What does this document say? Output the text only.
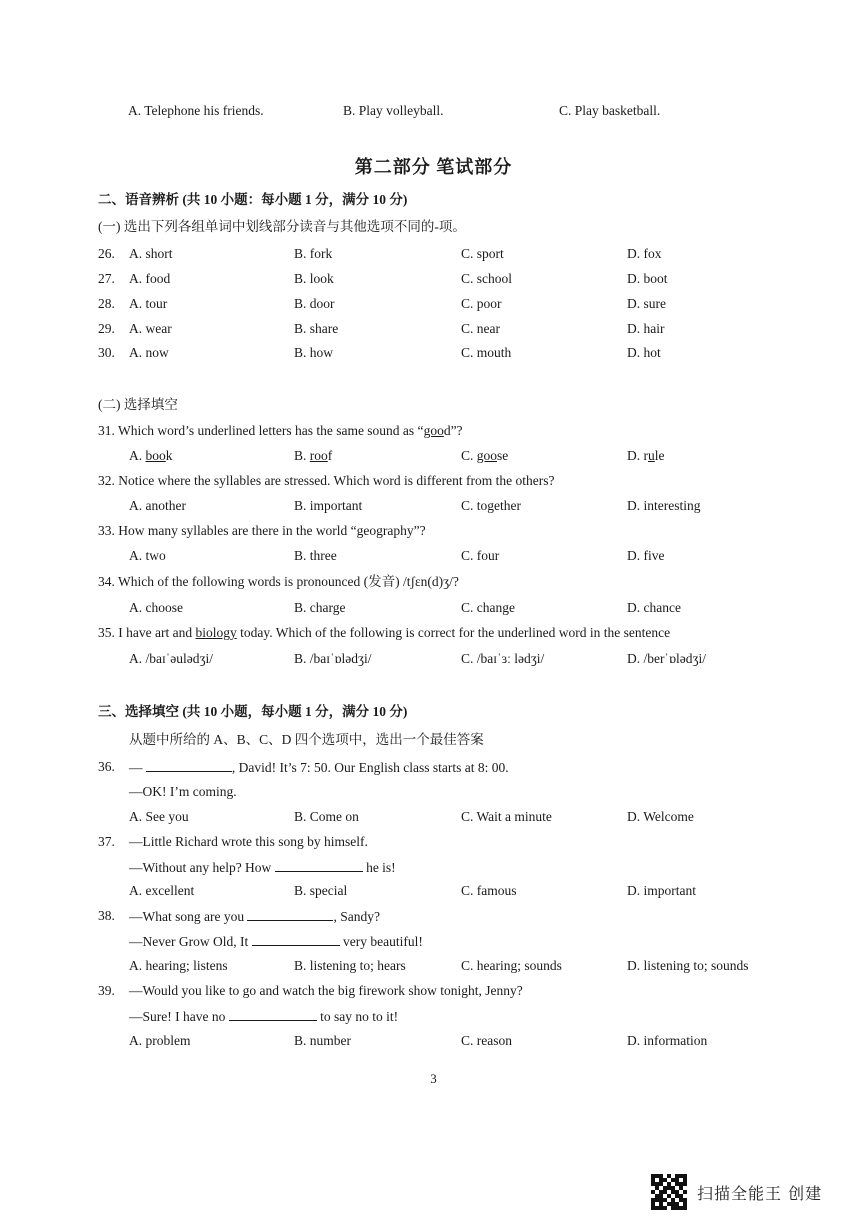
A. Telephone his friends.	B. Play volleyball.	C. Play basketball.
第二部分 笔试部分
二、语音辨析 (共 10 小题：每小题 1 分，满分 10 分)
(一) 选出下列各组单词中划线部分读音与其他选项不同的-项。
26. A. short	B. fork	C. sport	D. fox
27. A. food	B. look	C. school	D. boot
28. A. tour	B. door	C. poor	D. sure
29. A. wear	B. share	C. near	D. hair
30. A. now	B. how	C. mouth	D. hot
(二) 选择填空
31. Which word’s underlined letters has the same sound as “good”?
A. book	B. roof	C. goose	D. rule
32. Notice where the syllables are stressed. Which word is different from the others?
A. another	B. important	C. together	D. interesting
33. How many syllables are there in the world “geography”?
A. two	B. three	C. four	D. five
34. Which of the following words is pronounced (发音) /tʃɛn(d)ʒ/?
A. choose	B. charge	C. change	D. chance
35. I have art and biology today. Which of the following is correct for the underlined word in the sentence
A. /baɪˈəulədʒi/	B. /baɪˈɒlədʒi/	C. /baɪˈɜː lədʒi/	D. /berˈɒlədʒi/
三、选择填空 (共 10 小题，每小题 1 分，满分 10 分)
从题中所给的 A、B、C、D 四个选项中，选出一个最佳答案
36. —	, David! It’s 7: 50. Our English class starts at 8: 00.
—OK! I’m coming.
A. See you	B. Come on	C. Wait a minute	D. Welcome
37. —Little Richard wrote this song by himself.
—Without any help? How	he is!
A. excellent	B. special	C. famous	D. important
38. —What song are you	, Sandy?
—Never Grow Old, It	very beautiful!
A. hearing; listens	B. listening to; hears	C. hearing; sounds	D. listening to; sounds
39. —Would you like to go and watch the big firework show tonight, Jenny?
—Sure! I have no	to say no to it!
A. problem	B. number	C. reason	D. information
3
扫描全能王 创建
